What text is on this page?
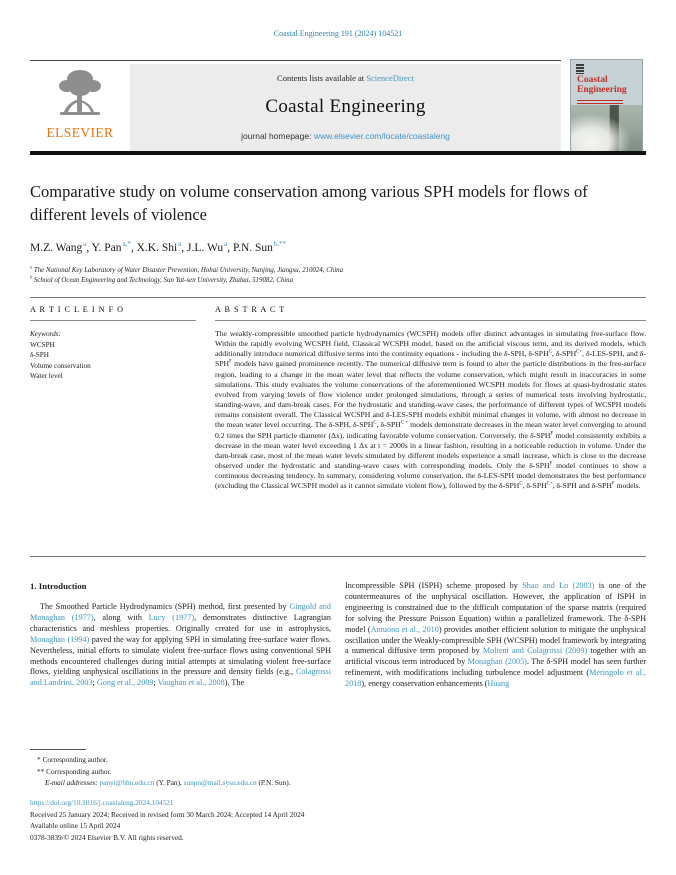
Coastal Engineering 191 (2024) 104521
ELSEVIER
Contents lists available at ScienceDirect
Coastal Engineering
journal homepage: www.elsevier.com/locate/coastaleng
Coastal
Engineering
Comparative study on volume conservation among various SPH models for flows of different levels of violence
M.Z. Wang$^a$, Y. Pan$^{a,*}$, X.K. Shi$^a$, J.L. Wu$^a$, P.N. Sun$^{b,**}$
$^a$ The National Key Laboratory of Water Disaster Prevention, Hohai University, Nanjing, Jiangsu, 210024, China
$^b$ School of Ocean Engineering and Technology, Sun Yat-sen University, Zhuhai, 519082, China
A R T I C L E I N F O
Keywords:
WCSPH
δ-SPH
Volume conservation
Water level
A B S T R A C T

The weakly-compressible smoothed particle hydrodynamics (WCSPH) models offer distinct advantages in simulating free-surface flow. Within the rapidly evolving WCSPH field, Classical WCSPH model, based on the artificial viscous term, and its derived models, which additionally introduce numerical diffusive terms into the continuity equations - including the δ-SPH, $\delta-SPH^C$, $\delta-SPH^{C+}$, δ-LES-SPH, and $\delta-SPH^F$ models have gained prominence recently. The numerical diffusive term is found to alter the particle distributions in the free-surface region, leading to a change in the mean water level that reflects the volume conservation, which might result in inaccuracies in some simulations. This study evaluates the volume conservations of the aforementioned WCSPH models for flows at quasi-hydrostatic states evolved from varying levels of flow violence under prolonged simulations, through a series of numerical tests involving hydrostatic, standing-wave, and dam-break cases. For the hydrostatic and standing-wave cases, the performance of different types of WCSPH models remains consistent overall. The Classical WCSPH and δ-LES-SPH models exhibit minimal changes in volume, with almost no decrease in the mean water level occurring. The δ-SPH, $\delta-SPH^C$, $\delta-SPH^{C +}$ models demonstrate decreases in the mean water level converging to around 0.2 times the SPH particle diameter (Δx), indicating favorable volume conservation. Conversely, the $\delta-SPH^F$ model consistently exhibits a decrease in the mean water level exceeding 1 Δx at t = 2000s in a linear fashion, resulting in a noticeable reduction in volume. Under the dam-break case, most of the mean water levels simulated by different models experience a small increase, which is close to the decrease observed under the hydrostatic and standing-wave cases with corresponding models. Only the $\delta-SPH^F$ model continues to show a continuous decreasing tendency. In summary, considering volume conservation, the δ-LES-SPH model demonstrates the best performance (excluding the Classical WCSPH model as it cannot simulate violent flow), followed by the $\delta-SPH^C$, $\delta-SPH^{C+}$, δ-SPH and $\delta-SPH^F$ models.

1. Introduction

The Smoothed Particle Hydrodynamics (SPH) method, first presented by Gingold and Monaghan (1977), along with Lucy (1977), demonstrates distinctive Lagrangian characteristics and meshless properties. Originally created for use in astrophysics, Monaghan (1994) paved the way for applying SPH in simulating free-surface water flows. Nevertheless, initial efforts to simulate violent free-surface flows using conventional SPH methods encountered challenges during initial attempts at simulating violent free-surface flows, yielding unphysical oscillations in the pressure and density fields (e.g., Colagrossi and Landrini, 2003; Gong et al., 2009; Vaughan et al., 2008). The

Incompressible SPH (ISPH) scheme proposed by Shao and Lo (2003) is one of the countermeasures of the unphysical oscillation. However, the application of ISPH in engineering is constrained due to the difficult computation of the sparse matrix (required for solving the Pressure Poisson Equation) within a parallelized framework. The δ-SPH model (Antuono et al., 2010) provides another efficient solution to mitigate the unphysical oscillation under the Weakly-compressible SPH (WCSPH) model framework by integrating a numerical diffusive term proposed by Molteni and Colagrossi (2009) together with an artificial viscous term introduced by Monaghan (2005). The δ-SPH model has seen further refinement, with modifications including turbulence model adjustment (Meringolo et al., 2018), energy conservation enhancements (Huang

* Corresponding author.
** Corresponding author.
E-mail addresses: panyi@hhu.edu.cn (Y. Pan), sunpn@mail.sysu.edu.cn (P.N. Sun).
https://doi.org/10.1016/j.coastaleng.2024.104521
Received 25 January 2024; Received in revised form 30 March 2024; Accepted 14 April 2024
Available online 15 April 2024
0378-3839/© 2024 Elsevier B.V. All rights reserved.
